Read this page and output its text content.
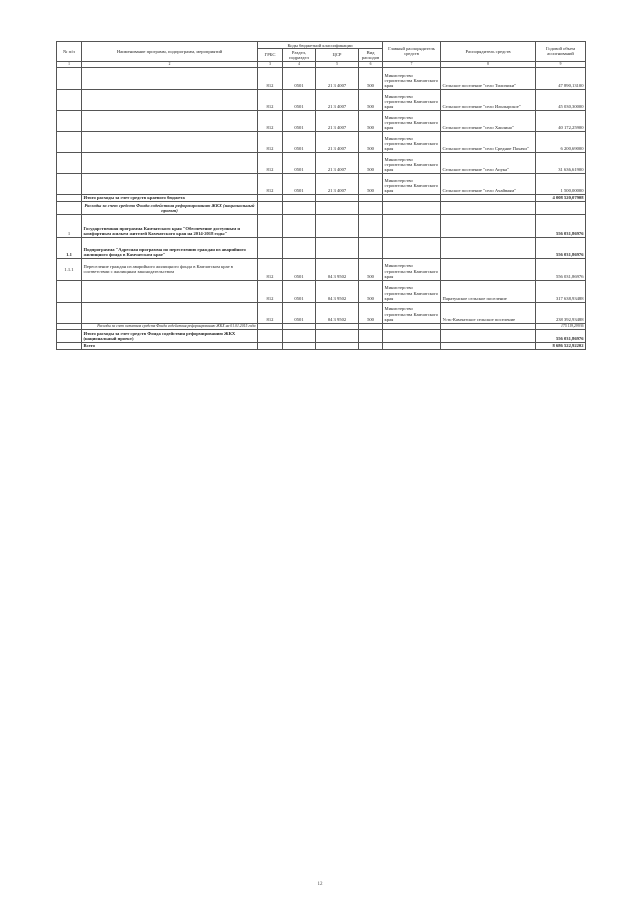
№ п/п	Наименование программ, подпрограмм, мероприятий	Коды бюджетной классификации				Главный распорядитель средств	Распорядитель средств	Годовой объем ассигнований
		ГРБС	Раздел, подраздел	ЦСР	Вид расходов			
1	2	3	4	5	6	7	8	9
		812	0501	21 3 4007	500	Министерство строительства Камчатского края	Сельское поселение "село Тиличики"	47 890,13100
		812	0501	21 3 4007	500	Министерство строительства Камчатского края	Сельское поселение "село Ильпырское"	45 030,30000
		812	0501	21 3 4007	500	Министерство строительства Камчатского края	Сельское поселение "село Хаилино"	40 172,25900
		812	0501	21 3 4007	500	Министерство строительства Камчатского края	Сельское поселение "село Средние Пахачи"	6 200,69000
		812	0501	21 3 4007	500	Министерство строительства Камчатского края	Сельское поселение "село Апука"	31 636,61900
		812	0501	21 3 4007	500	Министерство строительства Камчатского края	Сельское поселение "село Ачайваям"	1 500,00000
	Итого расходы за счет средств краевого бюджета							4 008 520,07908
	Расходы за счет средств Фонда содействия реформированию ЖКХ (национальный проект)							
1	Государственная программа Камчатского края "Обеспечение доступным и комфортным жильем жителей Камчатского края на 2014-2018 годы"							556 031,86976
1.1	Подпрограмма "Адресная программа по переселению граждан из аварийного жилищного фонда в Камчатском крае"							556 031,86976
1.1.1	Переселение граждан из аварийного жилищного фонда в Камчатском крае в соответствии с жилищным законодательством	812	0501	04 3 9502	500	Министерство строительства Камчатского края		556 031,86976
		812	0501	04 3 9502	500	Министерство строительства Камчатского края	Паратунское сельское поселение	317 638,93488
		812	0501	04 3 9502	500	Министерство строительства Камчатского края	Усть-Камчатское сельское поселение	238 392,93488
	Расходы за счет остатков средств Фонда содействия реформированию ЖКХ на 01.01.2015 года							175 119,29936
	Итого расходы за счет средств Фонда содействия реформированию ЖКХ (национальный проект)							556 031,86976
	Всего							8 686 522,92202
12
